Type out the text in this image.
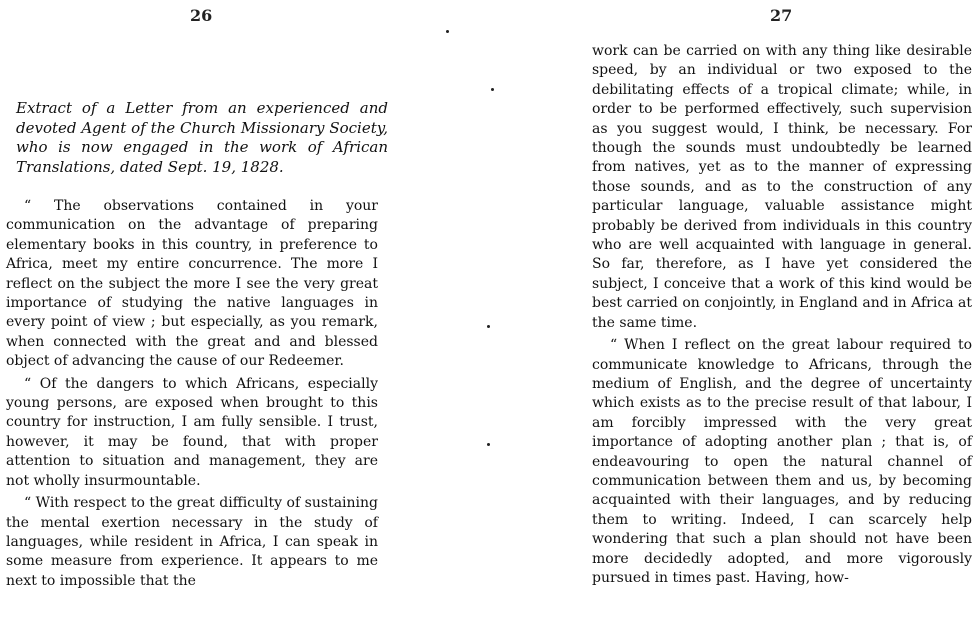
26

Extract of a Letter from an experienced and devoted Agent of the Church Missionary Society, who is now engaged in the work of African Translations, dated Sept. 19, 1828.

“ The observations contained in your communication on the advantage of preparing elementary books in this country, in preference to Africa, meet my entire concurrence. The more I reflect on the subject the more I see the very great importance of studying the native languages in every point of view ; but especially, as you remark, when connected with the great and and blessed object of advancing the cause of our Redeemer.

“ Of the dangers to which Africans, especially young persons, are exposed when brought to this country for instruction, I am fully sensible. I trust, however, it may be found, that with proper attention to situation and management, they are not wholly insurmountable.

“ With respect to the great difficulty of sustaining the mental exertion necessary in the study of languages, while resident in Africa, I can speak in some measure from experience. It appears to me next to impossible that the

27

work can be carried on with any thing like desirable speed, by an individual or two exposed to the debilitating effects of a tropical climate; while, in order to be performed effectively, such supervision as you suggest would, I think, be necessary. For though the sounds must undoubtedly be learned from natives, yet as to the manner of expressing those sounds, and as to the construction of any particular language, valuable assistance might probably be derived from individuals in this country who are well acquainted with language in general. So far, therefore, as I have yet considered the subject, I conceive that a work of this kind would be best carried on conjointly, in England and in Africa at the same time.

“ When I reflect on the great labour required to communicate knowledge to Africans, through the medium of English, and the degree of uncertainty which exists as to the precise result of that labour, I am forcibly impressed with the very great importance of adopting another plan ; that is, of endeavouring to open the natural channel of communication between them and us, by becoming acquainted with their languages, and by reducing them to writing. Indeed, I can scarcely help wondering that such a plan should not have been more decidedly adopted, and more vigorously pursued in times past. Having, how-
